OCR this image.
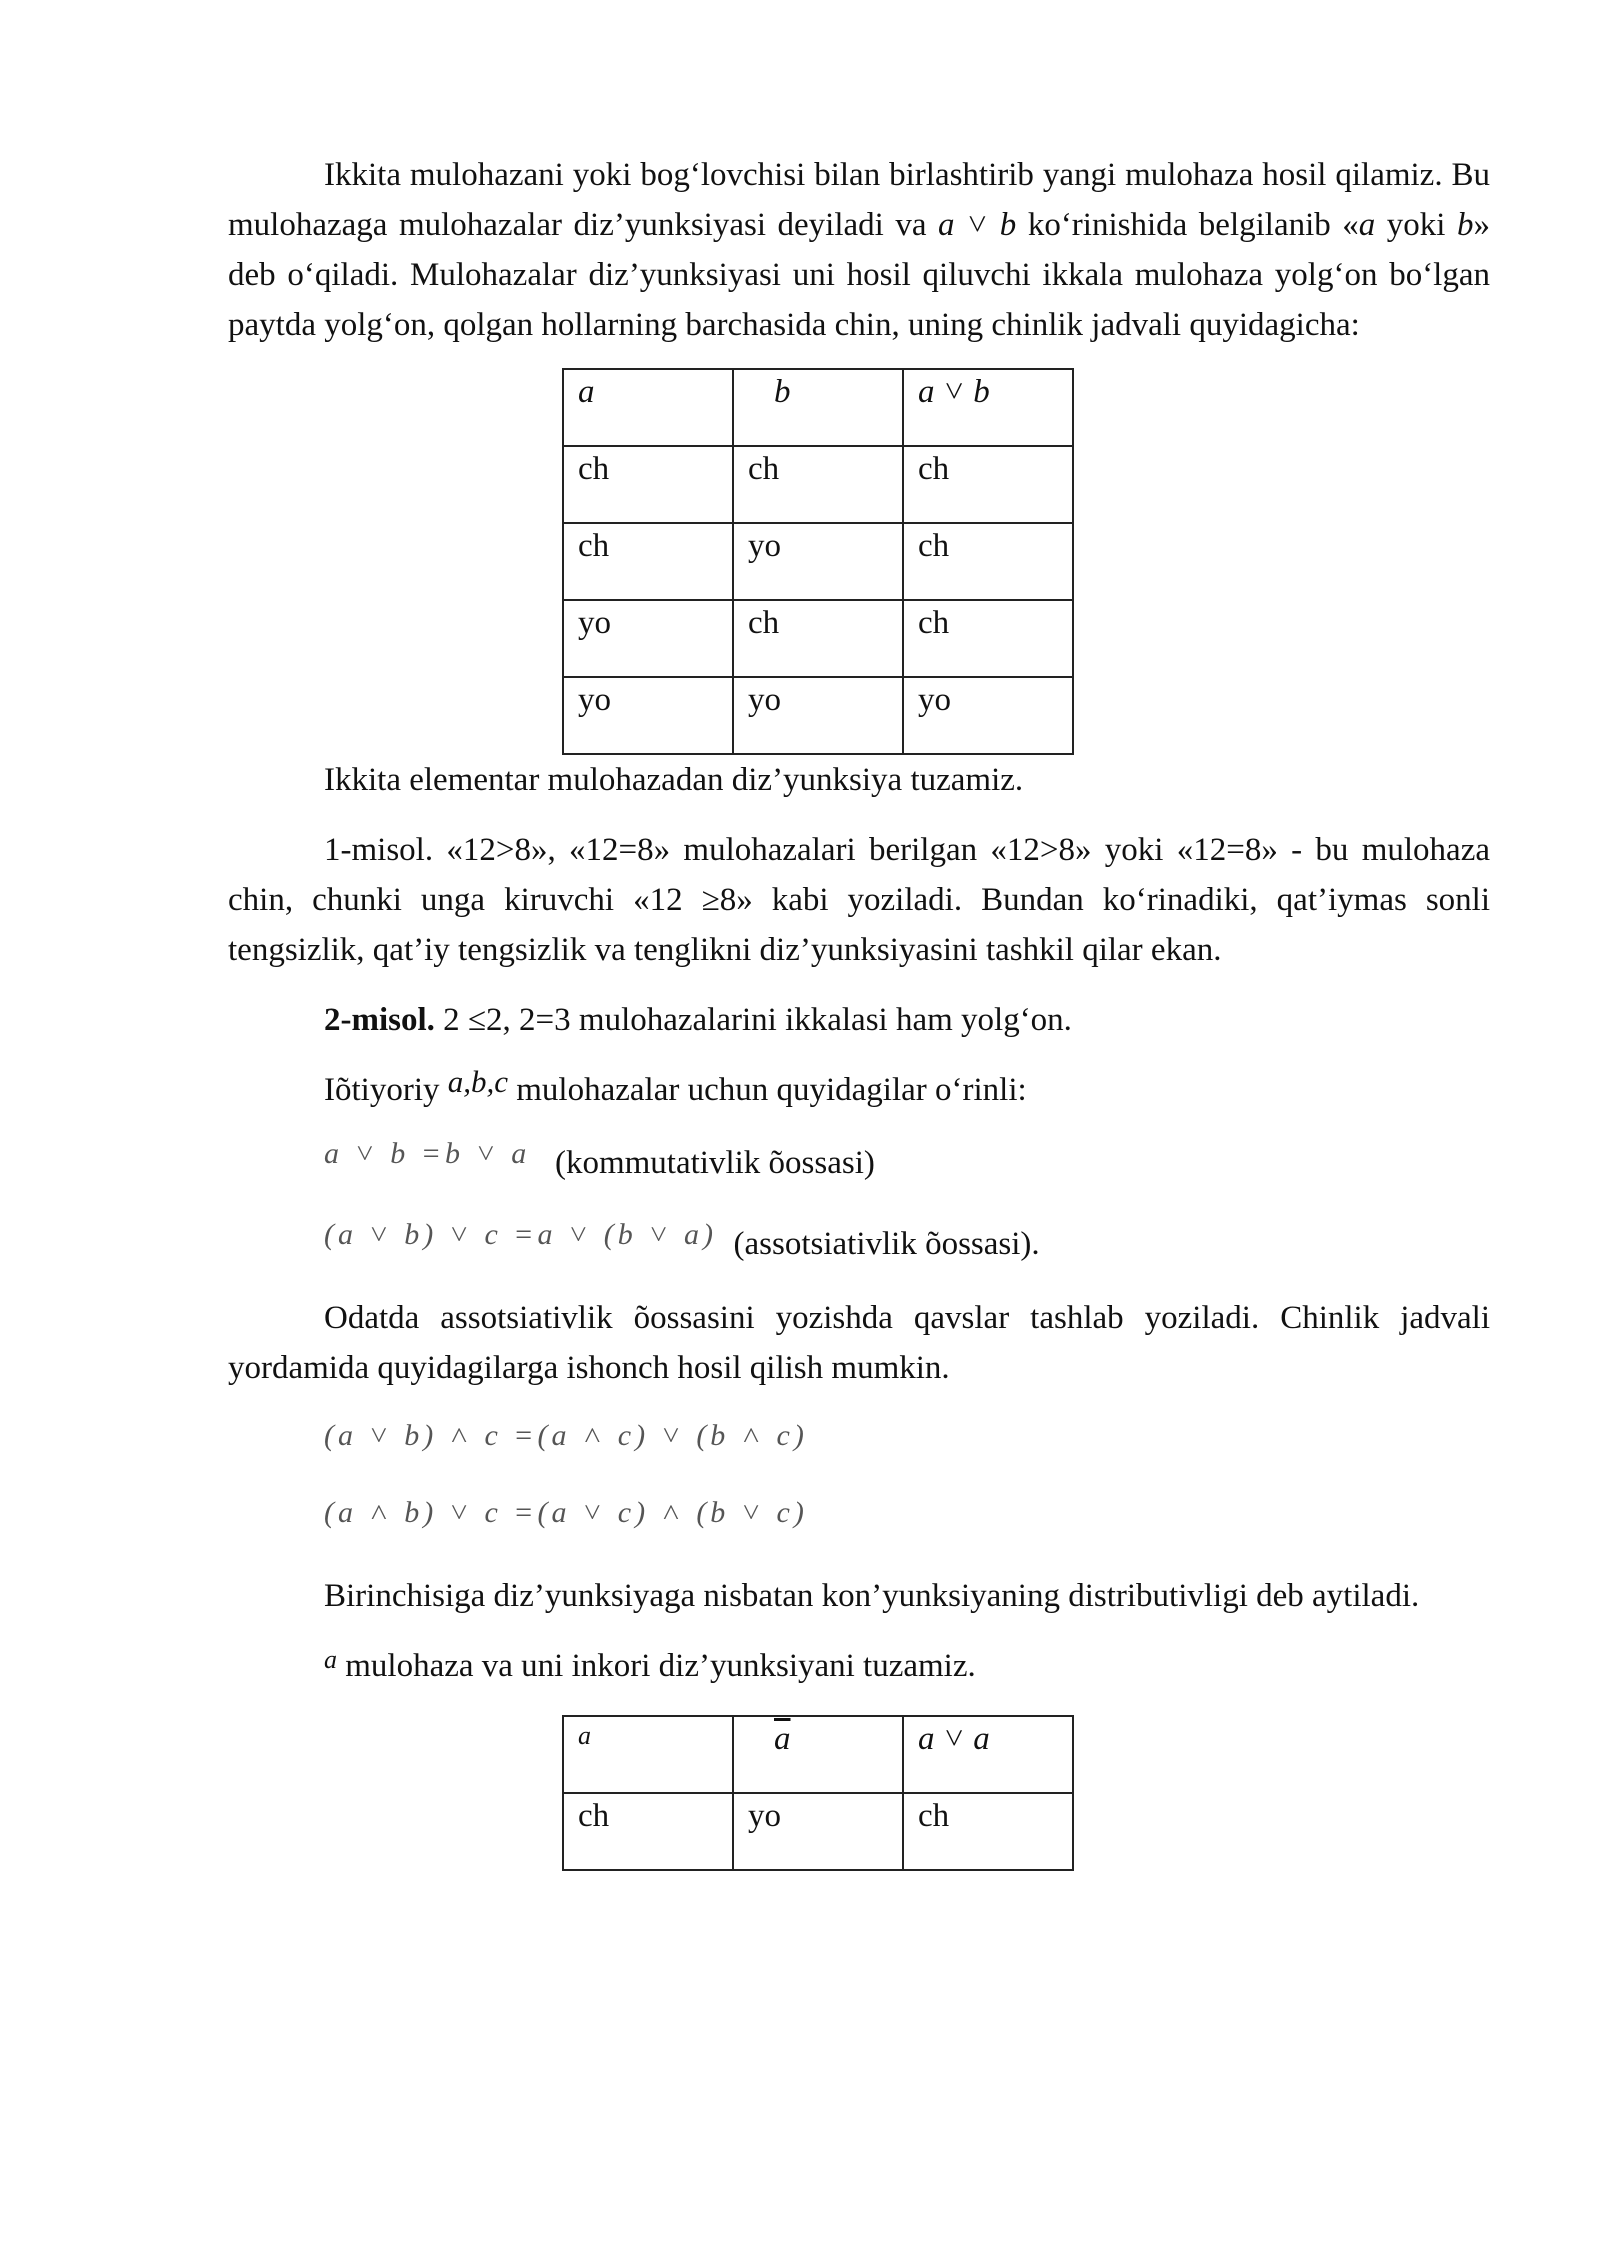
Ikkita mulohazani yoki bog‘lovchisi bilan birlashtirib yangi mulohaza hosil qilamiz. Bu mulohazaga mulohazalar diz’yunksiyasi deyiladi va a ˅ b ko‘rinishida belgilanib «a yoki b» deb o‘qiladi. Mulohazalar diz’yunksiyasi uni hosil qiluvchi ikkala mulohaza yolg‘on bo‘lgan paytda yolg‘on, qolgan hollarning barchasida chin, uning chinlik jadvali quyidagicha:

a	b	a ˅ b
ch	ch	ch
ch	yo	ch
yo	ch	ch
yo	yo	yo

Ikkita elementar mulohazadan diz’yunksiya tuzamiz.

1-misol. «12>8», «12=8» mulohazalari berilgan «12>8» yoki «12=8» - bu mulohaza chin, chunki unga kiruvchi «12 ≥8» kabi yoziladi. Bundan ko‘rinadiki, qat’iymas sonli tengsizlik, qat’iy tengsizlik va tenglikni diz’yunksiyasini tashkil qilar ekan.

2-misol. 2 ≤2, 2=3 mulohazalarini ikkalasi ham yolg‘on.

Iõtiyoriy a,b,c mulohazalar uchun quyidagilar o‘rinli:

a ˅ b =b ˅ a (kommutativlik õossasi)

(a ˅ b) ˅ c =a ˅ (b ˅ a) (assotsiativlik õossasi).

Odatda assotsiativlik õossasini yozishda qavslar tashlab yoziladi. Chinlik jadvali yordamida quyidagilarga ishonch hosil qilish mumkin.

(a ˅ b) ˄ c =(a ˄ c) ˅ (b ˄ c)

(a ˄ b) ˅ c =(a ˅ c) ˄ (b ˅ c)

Birinchisiga diz’yunksiyaga nisbatan kon’yunksiyaning distributivligi deb aytiladi.

$^a$ mulohaza va uni inkori diz’yunksiyani tuzamiz.

a	$\overline{a}$	a ˅ a
ch	yo	ch
